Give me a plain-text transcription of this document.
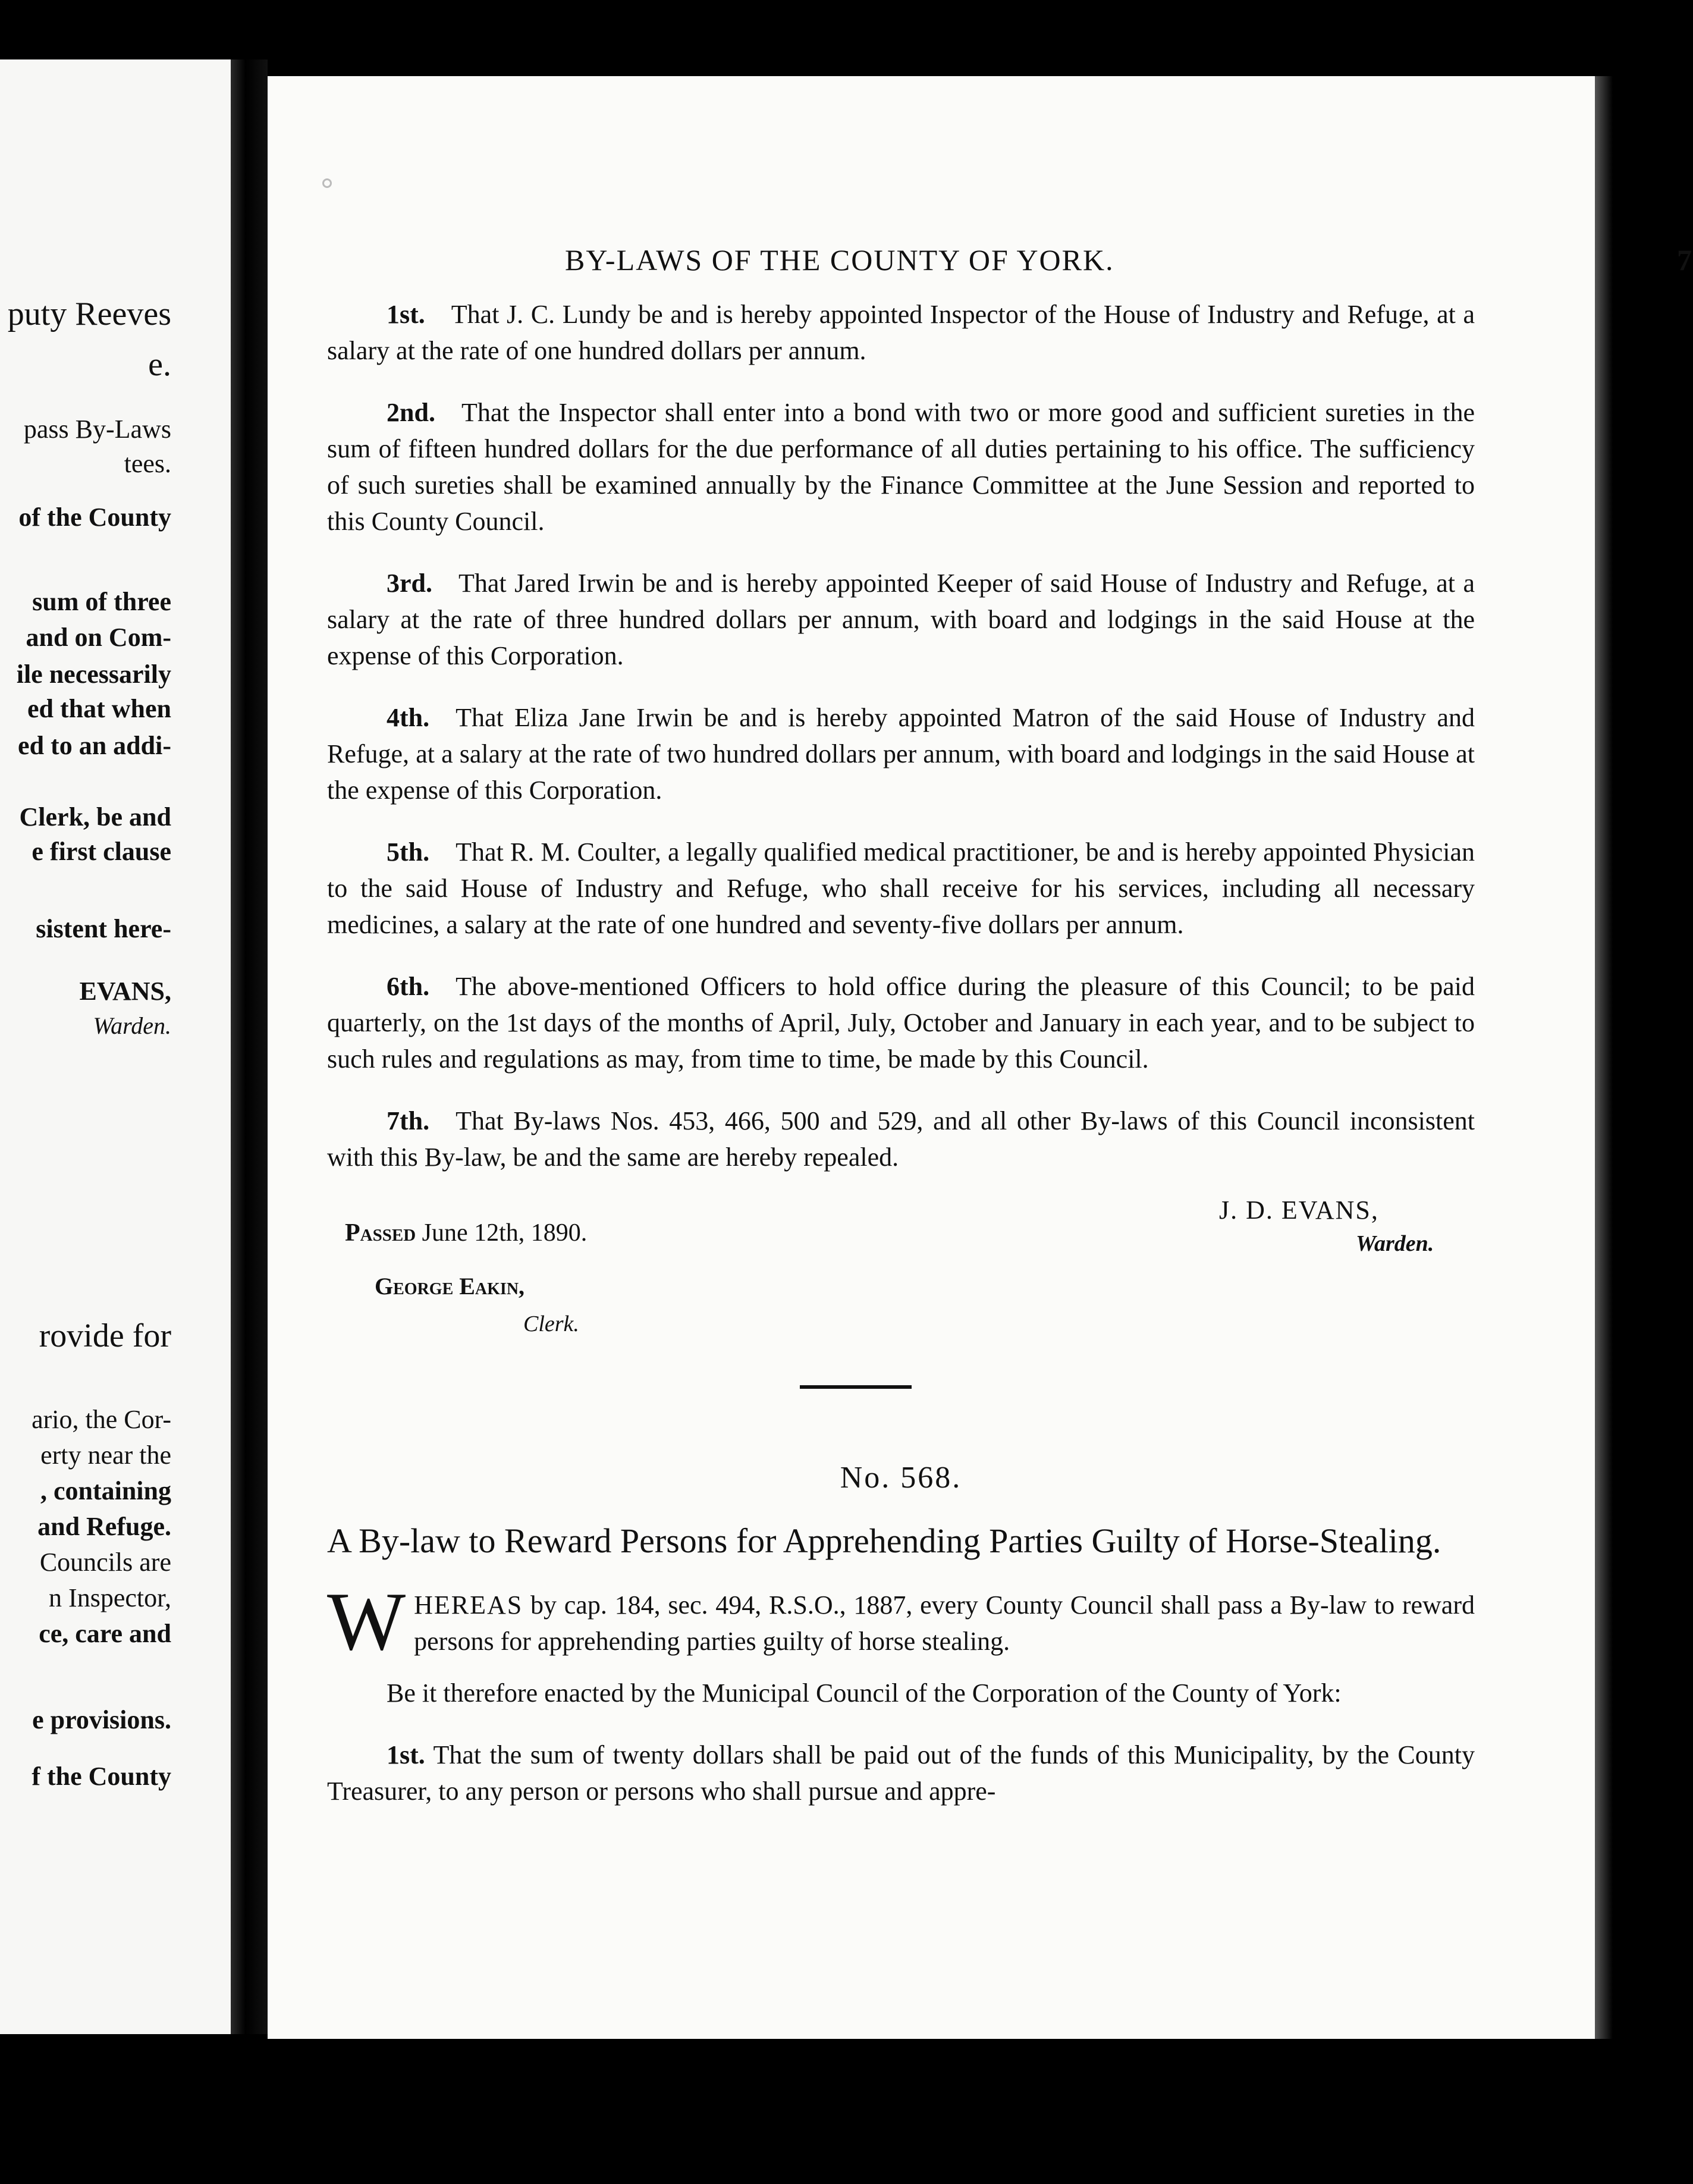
puty Reeves
e.
pass By-Laws
tees.
of the County
sum of three
and on Com-
ile necessarily
ed that when
ed to an addi-
Clerk, be and
e first clause
sistent here-
EVANS,
Warden.
rovide for
ario, the Cor-
erty near the
, containing
and Refuge.
Councils are
n Inspector,
ce, care and
e provisions.
f the County
BY-LAWS OF THE COUNTY OF YORK.	7

1st.  That J. C. Lundy be and is hereby appointed Inspector of the House of Industry and Refuge, at a salary at the rate of one hundred dollars per annum.

2nd.  That the Inspector shall enter into a bond with two or more good and sufficient sureties in the sum of fifteen hundred dollars for the due performance of all duties pertaining to his office. The sufficiency of such sureties shall be examined annually by the Finance Committee at the June Session and reported to this County Council.

3rd.  That Jared Irwin be and is hereby appointed Keeper of said House of Industry and Refuge, at a salary at the rate of three hundred dollars per annum, with board and lodgings in the said House at the expense of this Corporation.

4th.  That Eliza Jane Irwin be and is hereby appointed Matron of the said House of Industry and Refuge, at a salary at the rate of two hundred dollars per annum, with board and lodgings in the said House at the expense of this Corporation.

5th.  That R. M. Coulter, a legally qualified medical practitioner, be and is hereby appointed Physician to the said House of Industry and Refuge, who shall receive for his services, including all necessary medicines, a salary at the rate of one hundred and seventy-five dollars per annum.

6th.  The above-mentioned Officers to hold office during the pleasure of this Council; to be paid quarterly, on the 1st days of the months of April, July, October and January in each year, and to be subject to such rules and regulations as may, from time to time, be made by this Council.

7th.  That By-laws Nos. 453, 466, 500 and 529, and all other By-laws of this Council inconsistent with this By-law, be and the same are hereby repealed.

Passed June 12th, 1890.
George Eakin,
Clerk.
J. D. EVANS,
Warden.
No. 568.
A By-law to Reward Persons for Apprehending Parties Guilty of Horse-Stealing.
W HEREAS by cap. 184, sec. 494, R.S.O., 1887, every County Council shall pass a By-law to reward persons for apprehending parties guilty of horse stealing.

Be it therefore enacted by the Municipal Council of the Corporation of the County of York:

1st. That the sum of twenty dollars shall be paid out of the funds of this Municipality, by the County Treasurer, to any person or persons who shall pursue and appre-
